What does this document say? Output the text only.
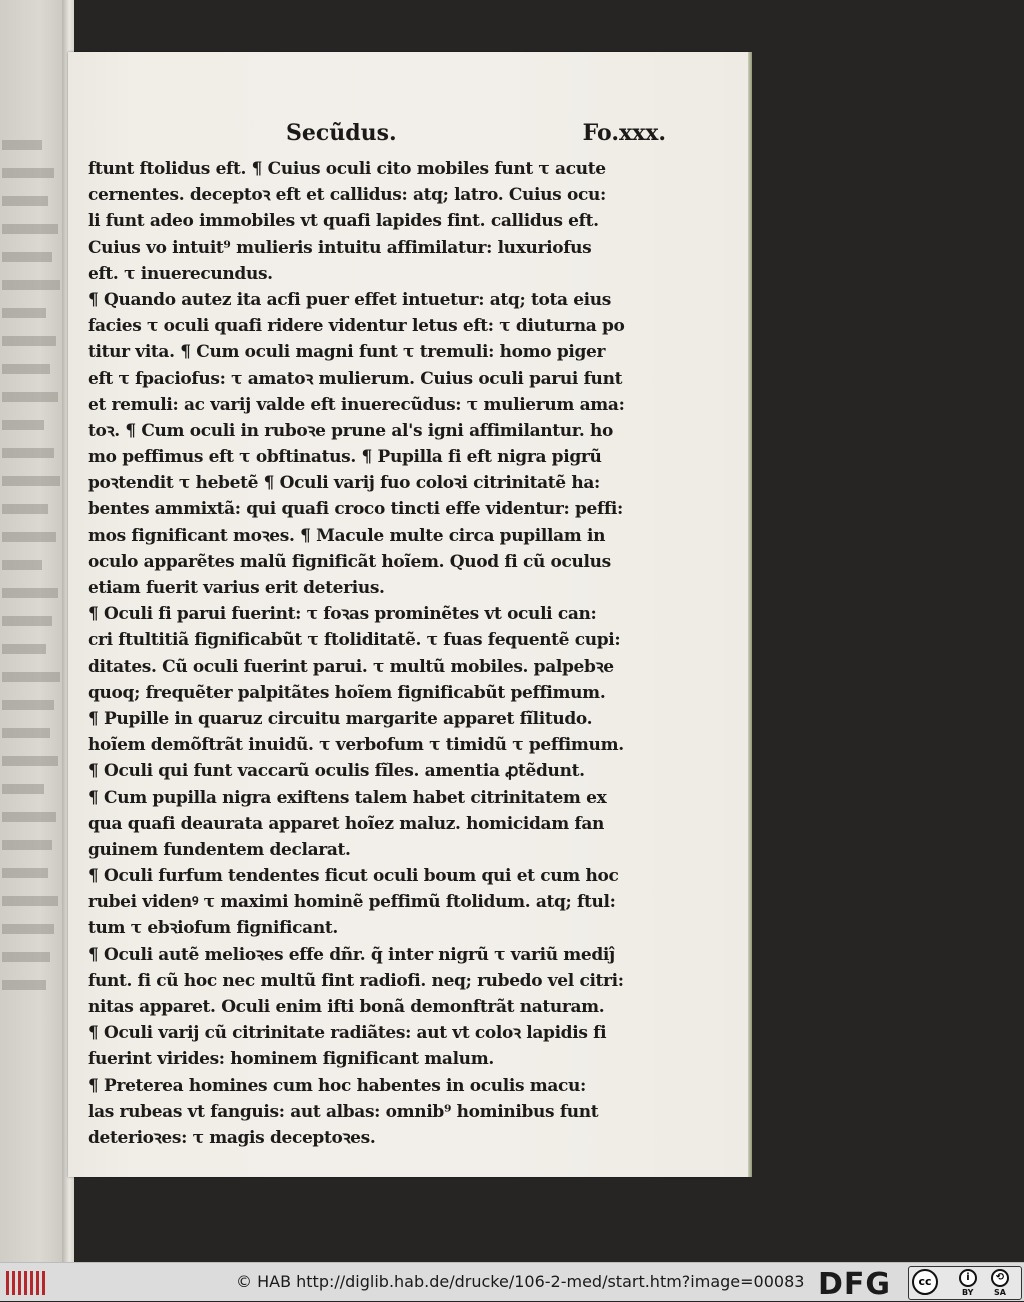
Secũdus.	Fo.xxx.
ftunt ftolidus eft. ¶ Cuius oculi cito mobiles funt τ acute
cernentes. deceptoꝛ eft et callidus: atq; latro. Cuius ocu:
li funt adeo immobiles vt quafi lapides fint. callidus eft.
Cuius vo intuit⁹ mulieris intuitu affimilatur: luxuriofus
eft. τ inuerecundus.
¶ Quando autez ita acfi puer effet intuetur: atq; tota eius
facies τ oculi quafi ridere videntur letus eft: τ diuturna po
titur vita. ¶ Cum oculi magni funt τ tremuli: homo piger
eft τ fpaciofus: τ amatoꝛ mulierum. Cuius oculi parui funt
et remuli: ac varij valde eft inuerecũdus: τ mulierum ama:
toꝛ. ¶ Cum oculi in ruboꝛe prune al's igni affimilantur. ho
mo peffimus eft τ obftinatus. ¶ Pupilla fi eft nigra pigrũ
poꝛtendit τ hebetẽ ¶ Oculi varij fuo coloꝛi citrinitatẽ ha:
bentes ammixtã: qui quafi croco tincti effe videntur: peffi:
mos fignificant moꝛes. ¶ Macule multe circa pupillam in
oculo apparẽtes malũ fignificãt hoĩem. Quod fi cũ oculus
etiam fuerit varius erit deterius.
¶ Oculi fi parui fuerint: τ foꝛas prominẽtes vt oculi can:
cri ftultitiã fignificabũt τ ftoliditatẽ. τ fuas fequentẽ cupi:
ditates. Cũ oculi fuerint parui. τ multũ mobiles. palpebꝛe
quoq; frequẽter palpitãtes hoĩem fignificabũt peffimum.
¶ Pupille in quaruz circuitu margarite apparet fĩlitudo.
hoĩem demõftrãt inuidũ. τ verbofum τ timidũ τ peffimum.
¶ Oculi qui funt vaccarũ oculis fĩles. amentia ꝓtẽdunt.
¶ Cum pupilla nigra exiftens talem habet citrinitatem ex
qua quafi deaurata apparet hoĩez maluz. homicidam fan
guinem fundentem declarat.
¶ Oculi furfum tendentes ficut oculi boum qui et cum hoc
rubei videnꝰ τ maximi hominẽ peffimũ ftolidum. atq; ftul:
tum τ ebꝛiofum fignificant.
¶ Oculi autẽ melioꝛes effe dñr. q̃ inter nigrũ τ variũ mediĵ
funt. fi cũ hoc nec multũ fint radiofi. neq; rubedo vel citri:
nitas apparet. Oculi enim ifti bonã demonftrãt naturam.
¶ Oculi varij cũ citrinitate radiãtes: aut vt coloꝛ lapidis fi
fuerint virides: hominem fignificant malum.
¶ Preterea homines cum hoc habentes in oculis macu:
las rubeas vt fanguis: aut albas: omnib⁹ hominibus funt
deterioꝛes: τ magis deceptoꝛes.
© HAB http://diglib.hab.de/drucke/106-2-med/start.htm?image=00083 DFG	cc	i	⟲
BY	SA
